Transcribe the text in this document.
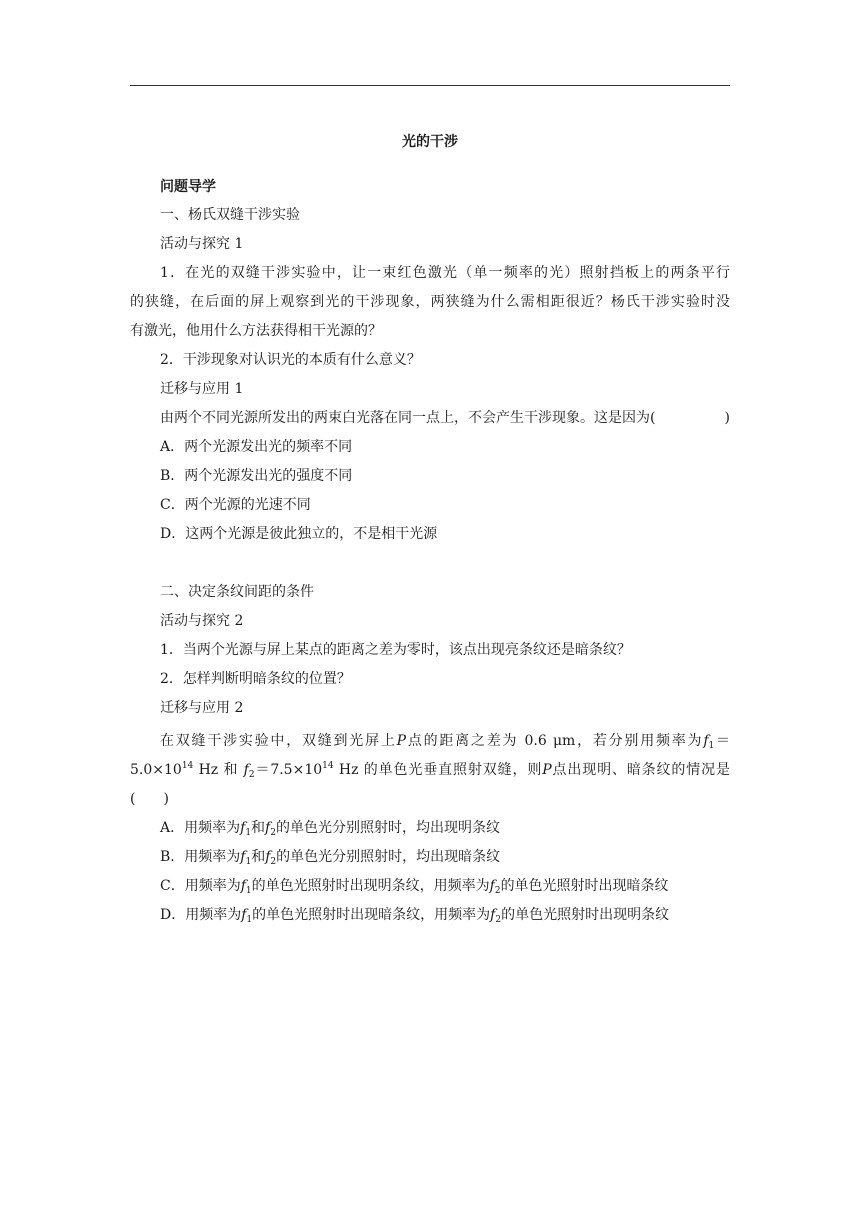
光的干涉
问题导学
一、杨氏双缝干涉实验
活动与探究 1
1．在光的双缝干涉实验中，让一束红色激光（单一频率的光）照射挡板上的两条平行
的狭缝，在后面的屏上观察到光的干涉现象，两狭缝为什么需相距很近？杨氏干涉实验时没
有激光，他用什么方法获得相干光源的？
2．干涉现象对认识光的本质有什么意义？
迁移与应用 1
由两个不同光源所发出的两束白光落在同一点上，不会产生干涉现象。这是因为(	)
A．两个光源发出光的频率不同
B．两个光源发出光的强度不同
C．两个光源的光速不同
D．这两个光源是彼此独立的，不是相干光源
二、决定条纹间距的条件
活动与探究 2
1．当两个光源与屏上某点的距离之差为零时，该点出现亮条纹还是暗条纹？
2．怎样判断明暗条纹的位置？
迁移与应用 2
在双缝干涉实验中，双缝到光屏上P点的距离之差为 0.6 μm，若分别用频率为$f_1=$
$5.0\times 10^{14}$ Hz 和 $f_2=7.5\times 10^{14}$ Hz 的单色光垂直照射双缝，则P点出现明、暗条纹的情况是
(　　)
A．用频率为$f_1$和$f_2$的单色光分别照射时，均出现明条纹
B．用频率为$f_1$和$f_2$的单色光分别照射时，均出现暗条纹
C．用频率为$f_1$的单色光照射时出现明条纹，用频率为$f_2$的单色光照射时出现暗条纹
D．用频率为$f_1$的单色光照射时出现暗条纹，用频率为$f_2$的单色光照射时出现明条纹
